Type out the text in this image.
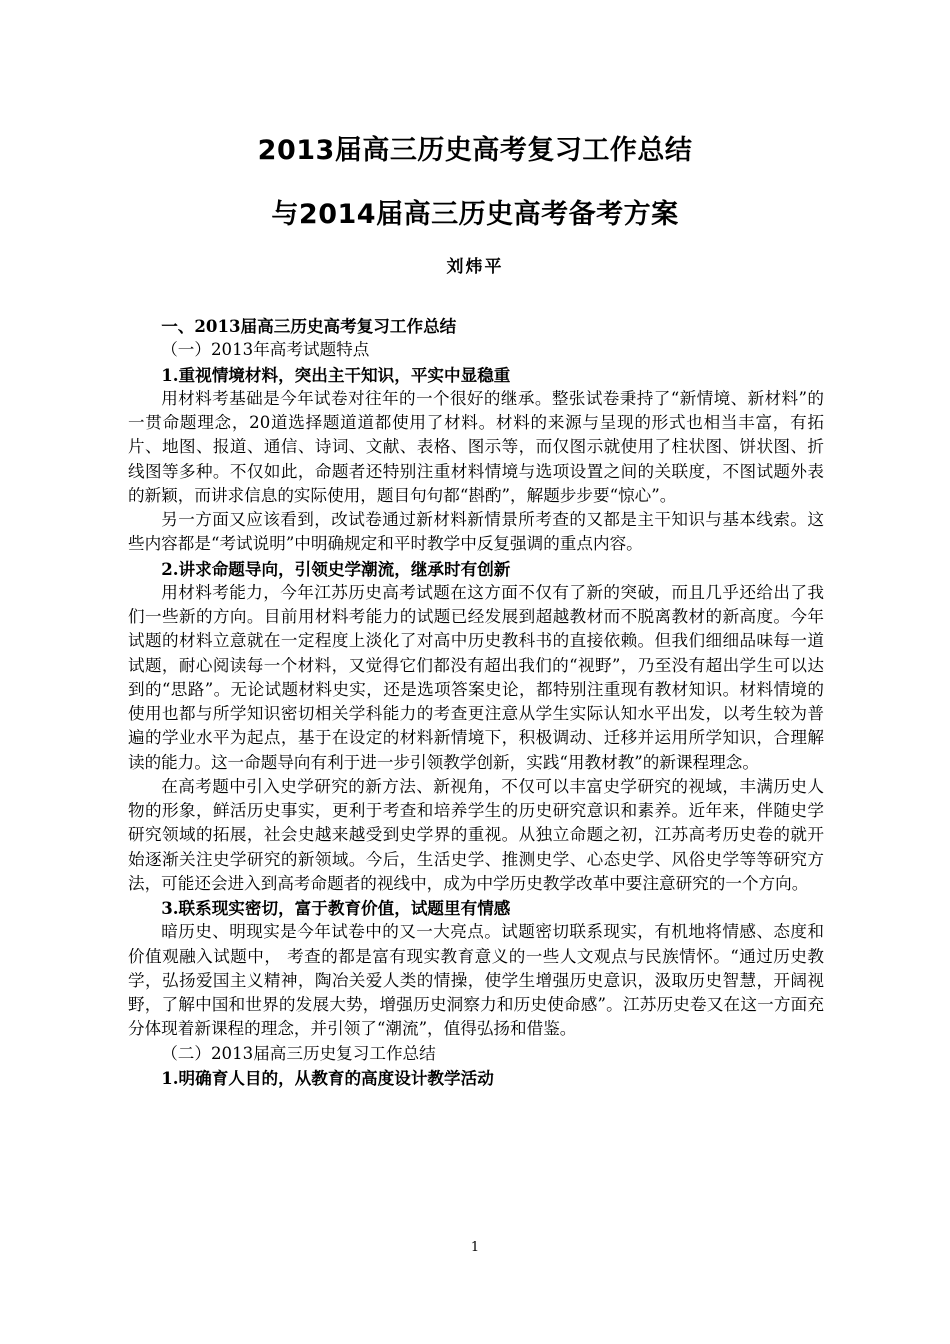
2013届高三历史高考复习工作总结
与2014届高三历史高考备考方案
刘炜平

一、2013届高三历史高考复习工作总结

（一）2013年高考试题特点

1.重视情境材料，突出主干知识，平实中显稳重

用材料考基础是今年试卷对往年的一个很好的继承。整张试卷秉持了“新情境、新材料”的一贯命题理念，20道选择题道道都使用了材料。材料的来源与呈现的形式也相当丰富，有拓片、地图、报道、通信、诗词、文献、表格、图示等，而仅图示就使用了柱状图、饼状图、折线图等多种。不仅如此，命题者还特别注重材料情境与选项设置之间的关联度，不图试题外表的新颖，而讲求信息的实际使用，题目句句都“斟酌”，解题步步要“惊心”。

另一方面又应该看到，改试卷通过新材料新情景所考查的又都是主干知识与基本线索。这些内容都是“考试说明”中明确规定和平时教学中反复强调的重点内容。

2.讲求命题导向，引领史学潮流，继承时有创新

用材料考能力，今年江苏历史高考试题在这方面不仅有了新的突破，而且几乎还给出了我们一些新的方向。目前用材料考能力的试题已经发展到超越教材而不脱离教材的新高度。今年试题的材料立意就在一定程度上淡化了对高中历史教科书的直接依赖。但我们细细品味每一道试题，耐心阅读每一个材料，又觉得它们都没有超出我们的“视野”，乃至没有超出学生可以达到的“思路”。无论试题材料史实，还是选项答案史论，都特别注重现有教材知识。材料情境的使用也都与所学知识密切相关学科能力的考查更注意从学生实际认知水平出发，以考生较为普遍的学业水平为起点，基于在设定的材料新情境下，积极调动、迁移并运用所学知识，合理解读的能力。这一命题导向有利于进一步引领教学创新，实践“用教材教”的新课程理念。

在高考题中引入史学研究的新方法、新视角，不仅可以丰富史学研究的视域，丰满历史人物的形象，鲜活历史事实，更利于考查和培养学生的历史研究意识和素养。近年来，伴随史学研究领域的拓展，社会史越来越受到史学界的重视。从独立命题之初，江苏高考历史卷的就开始逐渐关注史学研究的新领域。今后，生活史学、推测史学、心态史学、风俗史学等等研究方法，可能还会进入到高考命题者的视线中，成为中学历史教学改革中要注意研究的一个方向。

3.联系现实密切，富于教育价值，试题里有情感

暗历史、明现实是今年试卷中的又一大亮点。试题密切联系现实，有机地将情感、态度和价值观融入试题中， 考查的都是富有现实教育意义的一些人文观点与民族情怀。“通过历史教学，弘扬爱国主义精神，陶冶关爱人类的情操，使学生增强历史意识，汲取历史智慧，开阔视野，了解中国和世界的发展大势，增强历史洞察力和历史使命感”。江苏历史卷又在这一方面充分体现着新课程的理念，并引领了“潮流”，值得弘扬和借鉴。

（二）2013届高三历史复习工作总结

1.明确育人目的，从教育的高度设计教学活动

1
